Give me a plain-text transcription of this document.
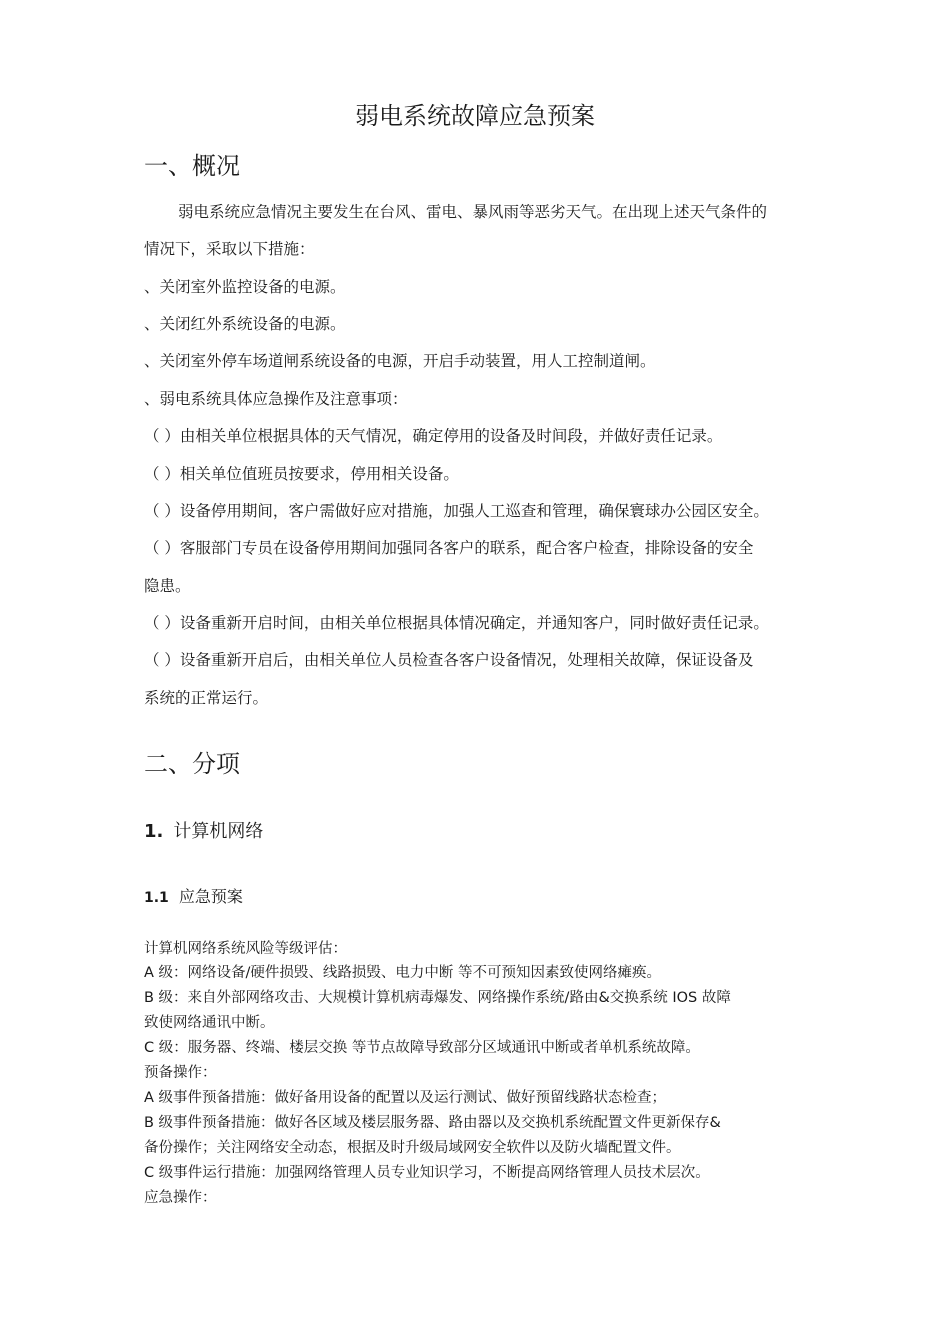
弱电系统故障应急预案
一、概况
弱电系统应急情况主要发生在台风、雷电、暴风雨等恶劣天气。在出现上述天气条件的
情况下，采取以下措施：
、关闭室外监控设备的电源。
、关闭红外系统设备的电源。
、关闭室外停车场道闸系统设备的电源，开启手动装置，用人工控制道闸。
、弱电系统具体应急操作及注意事项：
（ ）由相关单位根据具体的天气情况，确定停用的设备及时间段，并做好责任记录。
（ ）相关单位值班员按要求，停用相关设备。
（ ）设备停用期间，客户需做好应对措施，加强人工巡查和管理，确保寰球办公园区安全。
（ ）客服部门专员在设备停用期间加强同各客户的联系，配合客户检查，排除设备的安全
隐患。
（ ）设备重新开启时间，由相关单位根据具体情况确定，并通知客户，同时做好责任记录。
（ ）设备重新开启后，由相关单位人员检查各客户设备情况，处理相关故障，保证设备及
系统的正常运行。
二、分项
1. 计算机网络
1.1 应急预案
计算机网络系统风险等级评估：
A 级：网络设备/硬件损毁、线路损毁、电力中断 等不可预知因素致使网络瘫痪。
B 级：来自外部网络攻击、大规模计算机病毒爆发、网络操作系统/路由&交换系统 IOS 故障
致使网络通讯中断。
C 级：服务器、终端、楼层交换 等节点故障导致部分区域通讯中断或者单机系统故障。
预备操作：
A 级事件预备措施：做好备用设备的配置以及运行测试、做好预留线路状态检查；
B 级事件预备措施：做好各区域及楼层服务器、路由器以及交换机系统配置文件更新保存&
备份操作；关注网络安全动态，根据及时升级局域网安全软件以及防火墙配置文件。
C 级事件运行措施：加强网络管理人员专业知识学习，不断提高网络管理人员技术层次。
应急操作：
